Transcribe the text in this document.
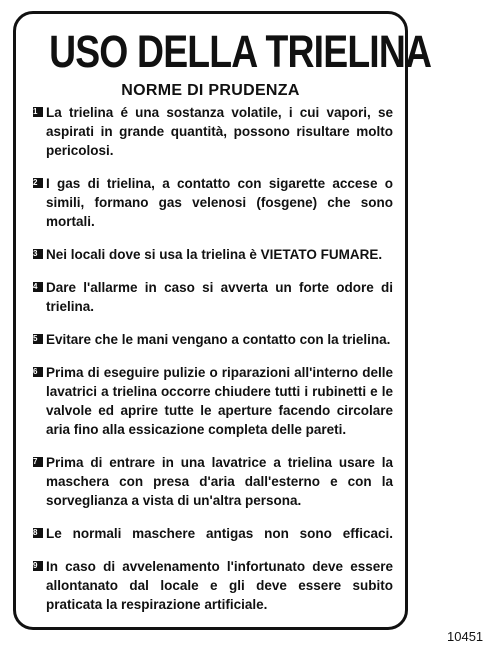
USO DELLA TRIELINA
NORME DI PRUDENZA
1 La trielina é una sostanza volatile, i cui vapori, se aspirati in grande quantità, possono risultare molto pericolosi.
2 I gas di trielina, a contatto con sigarette accese o simili, formano gas velenosi (fosgene) che sono mortali.
3 Nei locali dove si usa la trielina è VIETATO FUMARE.
4 Dare l'allarme in caso si avverta un forte odore di trielina.
5 Evitare che le mani vengano a contatto con la trielina.
6 Prima di eseguire pulizie o riparazioni all'interno delle lavatrici a trielina occorre chiudere tutti i rubinetti e le valvole ed aprire tutte le aperture facendo circolare aria fino alla essicazione completa delle pareti.
7 Prima di entrare in una lavatrice a trielina usare la maschera con presa d'aria dall'esterno e con la sorveglianza a vista di un'altra persona.
8 Le normali maschere antigas non sono efficaci.
9 In caso di avvelenamento l'infortunato deve essere allontanato dal locale e gli deve essere subito praticata la respirazione artificiale.
10451
